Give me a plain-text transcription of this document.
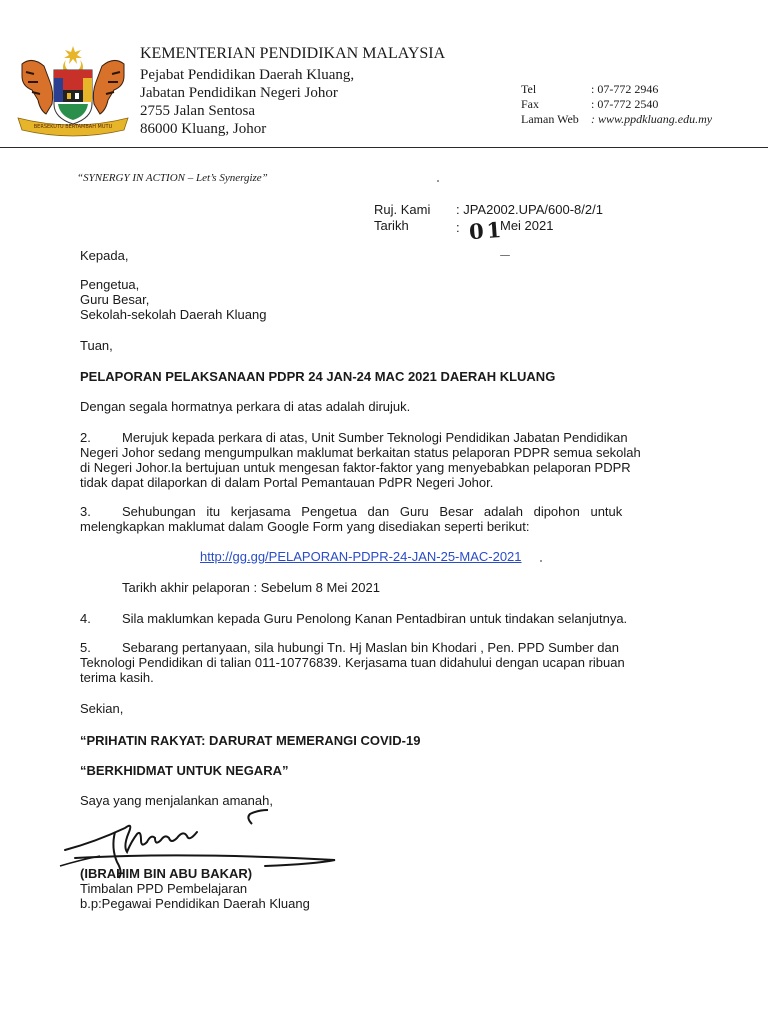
BERSEKUTU BERTAMBAH MUTU
KEMENTERIAN PENDIDIKAN MALAYSIA
Pejabat Pendidikan Daerah Kluang,
Jabatan Pendidikan Negeri Johor
2755 Jalan Sentosa
86000 Kluang, Johor
Tel	: 07-772 2946
Fax	: 07-772 2540
Laman Web : www.ppdkluang.edu.my
“SYNERGY IN ACTION – Let’s Synergize”
Ruj. Kami : JPA2002.UPA/600-8/2/1
Tarikh	: 01
Mei 2021
Kepada,
Pengetua,
Guru Besar,
Sekolah-sekolah Daerah Kluang
Tuan,
PELAPORAN PELAKSANAAN PDPR 24 JAN-24 MAC 2021 DAERAH KLUANG
Dengan segala hormatnya perkara di atas adalah dirujuk.
2. Merujuk kepada perkara di atas, Unit Sumber Teknologi Pendidikan Jabatan Pendidikan
Negeri Johor sedang mengumpulkan maklumat berkaitan status pelaporan PDPR semua sekolah
di Negeri Johor.Ia bertujuan untuk mengesan faktor-faktor yang menyebabkan pelaporan PDPR
tidak dapat dilaporkan di dalam Portal Pemantauan PdPR Negeri Johor.
3. Sehubungan itu kerjasama Pengetua dan Guru Besar adalah dipohon untuk
melengkapkan maklumat dalam Google Form yang disediakan seperti berikut:
http://gg.gg/PELAPORAN-PDPR-24-JAN-25-MAC-2021
Tarikh akhir pelaporan : Sebelum 8 Mei 2021
4. Sila maklumkan kepada Guru Penolong Kanan Pentadbiran untuk tindakan selanjutnya.
5. Sebarang pertanyaan, sila hubungi Tn. Hj Maslan bin Khodari , Pen. PPD Sumber dan
Teknologi Pendidikan di talian 011-10776839. Kerjasama tuan didahului dengan ucapan ribuan
terima kasih.
Sekian,
“PRIHATIN RAKYAT: DARURAT MEMERANGI COVID-19
“BERKHIDMAT UNTUK NEGARA”
Saya yang menjalankan amanah,
(IBRAHIM BIN ABU BAKAR)
Timbalan PPD Pembelajaran
b.p:Pegawai Pendidikan Daerah Kluang
